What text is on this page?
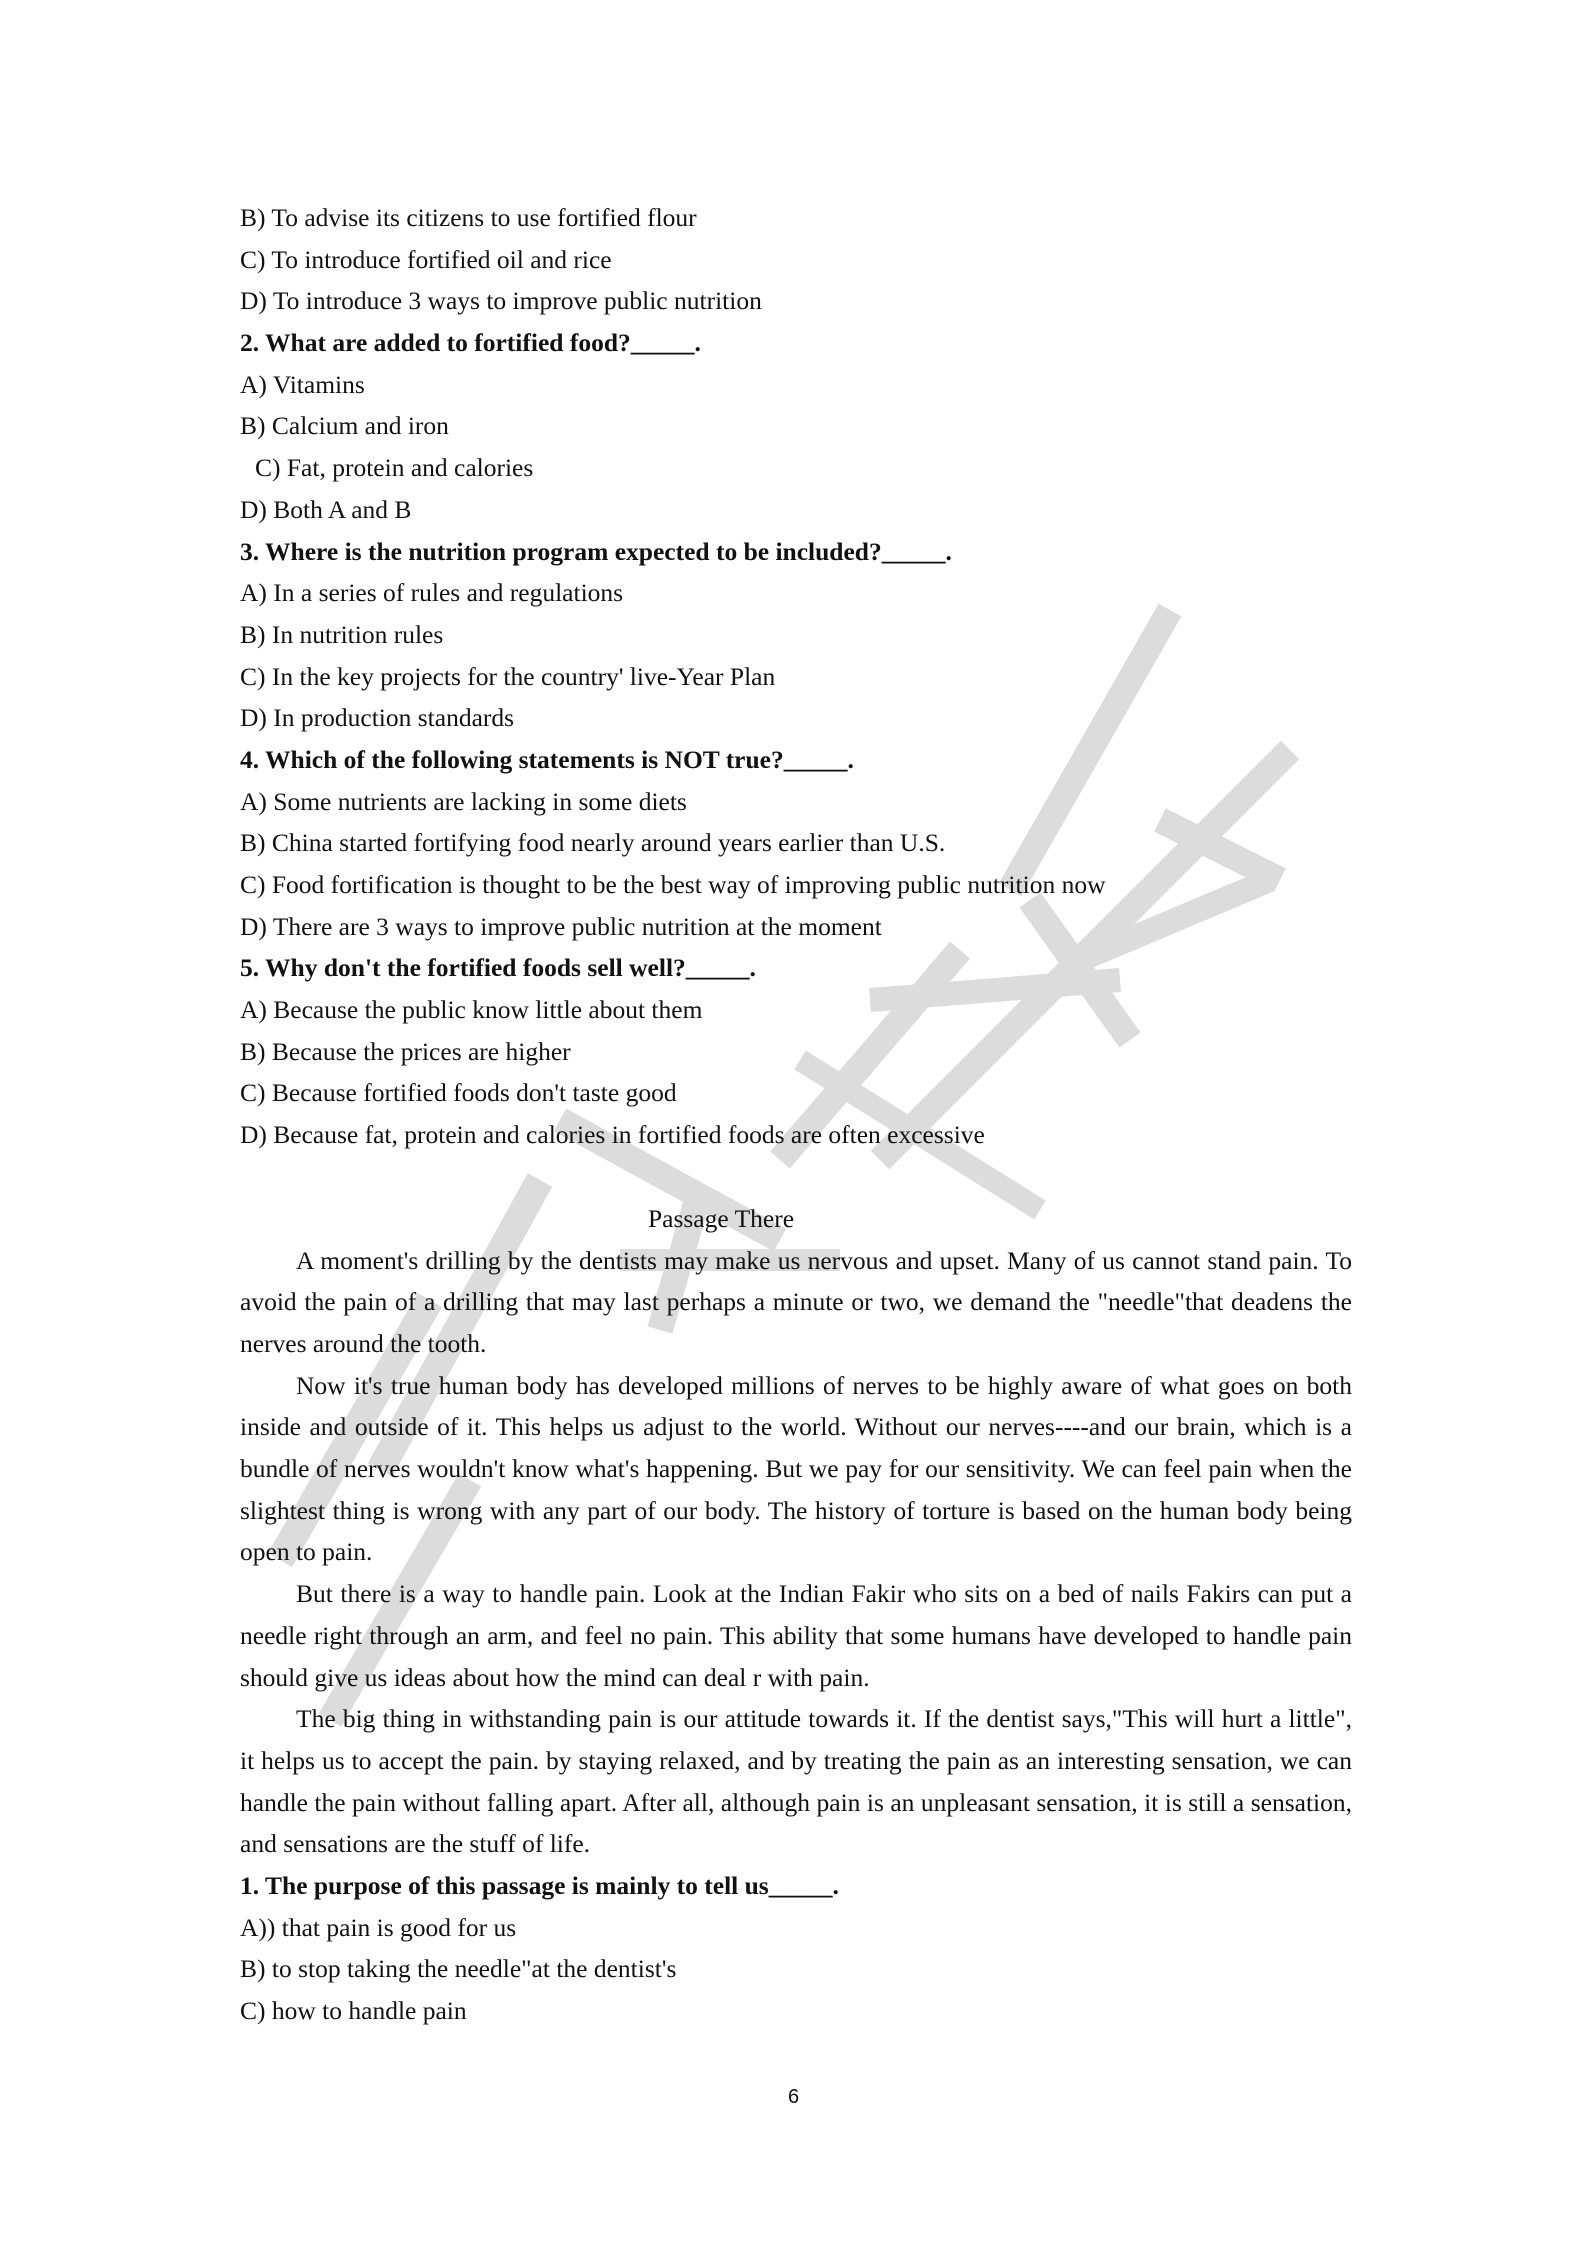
B) To advise its citizens to use fortified flour
C) To introduce fortified oil and rice
D) To introduce 3 ways to improve public nutrition
2. What are added to fortified food?_____.
A) Vitamins
B) Calcium and iron
C) Fat, protein and calories
D) Both A and B
3. Where is the nutrition program expected to be included?_____.
A) In a series of rules and regulations
B) In nutrition rules
C) In the key projects for the country' live-Year Plan
D) In production standards
4. Which of the following statements is NOT true?_____.
A) Some nutrients are lacking in some diets
B) China started fortifying food nearly around years earlier than U.S.
C) Food fortification is thought to be the best way of improving public nutrition now
D) There are 3 ways to improve public nutrition at the moment
5. Why don't the fortified foods sell well?_____.
A) Because the public know little about them
B) Because the prices are higher
C) Because fortified foods don't taste good
D) Because fat, protein and calories in fortified foods are often excessive
Passage There

A moment's drilling by the dentists may make us nervous and upset. Many of us cannot stand pain. To avoid the pain of a drilling that may last perhaps a minute or two, we demand the "needle"that deadens the nerves around the tooth.

Now it's true human body has developed millions of nerves to be highly aware of what goes on both inside and outside of it. This helps us adjust to the world. Without our nerves----and our brain, which is a bundle of nerves wouldn't know what's happening. But we pay for our sensitivity. We can feel pain when the slightest thing is wrong with any part of our body. The history of torture is based on the human body being open to pain.

But there is a way to handle pain. Look at the Indian Fakir who sits on a bed of nails Fakirs can put a needle right through an arm, and feel no pain. This ability that some humans have developed to handle pain should give us ideas about how the mind can deal r with pain.

The big thing in withstanding pain is our attitude towards it. If the dentist says,"This will hurt a little", it helps us to accept the pain. by staying relaxed, and by treating the pain as an interesting sensation, we can handle the pain without falling apart. After all, although pain is an unpleasant sensation, it is still a sensation, and sensations are the stuff of life.

1. The purpose of this passage is mainly to tell us_____.
A)) that pain is good for us
B) to stop taking the needle"at the dentist's
C) how to handle pain
6
